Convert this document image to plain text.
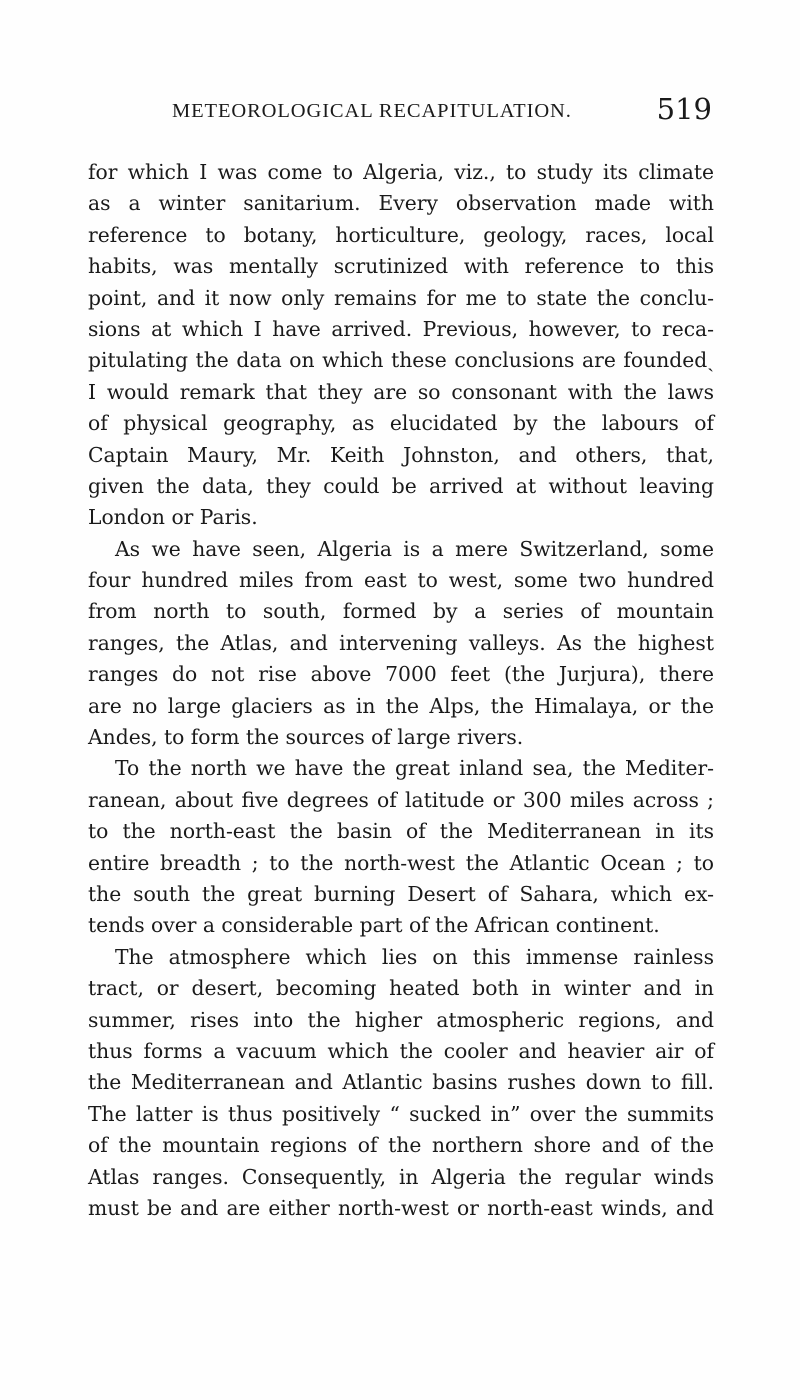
METEOROLOGICAL RECAPITULATION.	519
for which I was come to Algeria, viz., to study its climate
as a winter sanitarium. Every observation made with
reference to botany, horticulture, geology, races, local
habits, was mentally scrutinized with reference to this
point, and it now only remains for me to state the conclu-
sions at which I have arrived. Previous, however, to reca-
pitulating the data on which these conclusions are foundedˏ
I would remark that they are so consonant with the laws
of physical geography, as elucidated by the labours of
Captain Maury, Mr. Keith Johnston, and others, that,
given the data, they could be arrived at without leaving
London or Paris.
As we have seen, Algeria is a mere Switzerland, some
four hundred miles from east to west, some two hundred
from north to south, formed by a series of mountain
ranges, the Atlas, and intervening valleys. As the highest
ranges do not rise above 7000 feet (the Jurjura), there
are no large glaciers as in the Alps, the Himalaya, or the
Andes, to form the sources of large rivers.
To the north we have the great inland sea, the Mediter-
ranean, about five degrees of latitude or 300 miles across ;
to the north-east the basin of the Mediterranean in its
entire breadth ; to the north-west the Atlantic Ocean ; to
the south the great burning Desert of Sahara, which ex-
tends over a considerable part of the African continent.
The atmosphere which lies on this immense rainless
tract, or desert, becoming heated both in winter and in
summer, rises into the higher atmospheric regions, and
thus forms a vacuum which the cooler and heavier air of
the Mediterranean and Atlantic basins rushes down to fill.
The latter is thus positively “ sucked in” over the summits
of the mountain regions of the northern shore and of the
Atlas ranges. Consequently, in Algeria the regular winds
must be and are either north-west or north-east winds, and
